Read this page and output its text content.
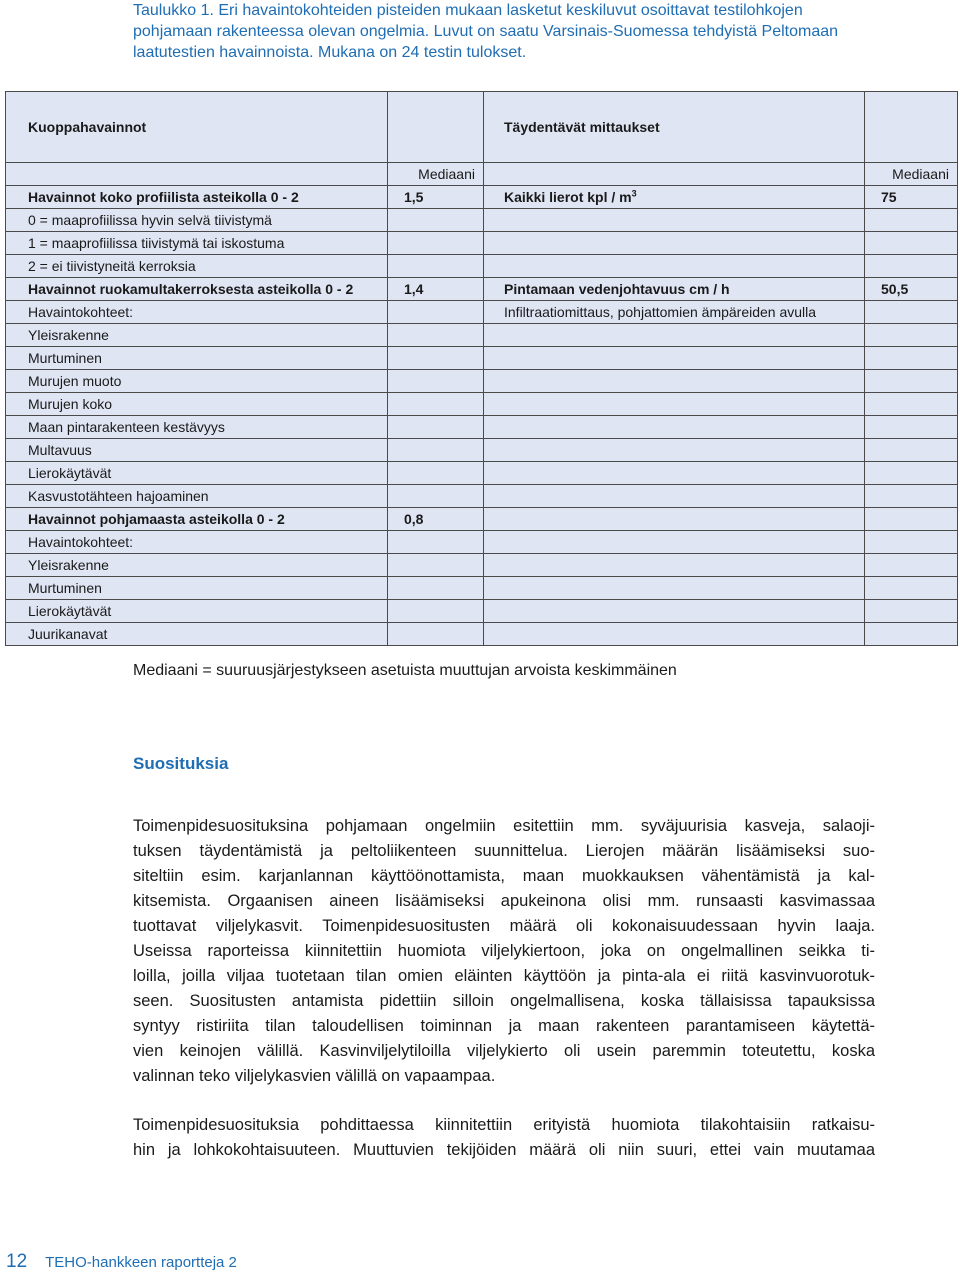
Taulukko 1. Eri havaintokohteiden pisteiden mukaan lasketut keskiluvut osoittavat testilohkojen
pohjamaan rakenteessa olevan ongelmia. Luvut on saatu Varsinais-Suomessa tehdyistä Peltomaan
laatutestien havainnoista. Mukana on 24 testin tulokset.
Kuoppahavainnot		Täydentävät mittaukset	
	Mediaani		Mediaani
Havainnot koko profiilista asteikolla 0 - 2	1,5	Kaikki lierot kpl / $m^3$	75
0 = maaprofiilissa hyvin selvä tiivistymä			
1 = maaprofiilissa tiivistymä tai iskostuma			
2 = ei tiivistyneitä kerroksia			
Havainnot ruokamultakerroksesta asteikolla 0 - 2	1,4	Pintamaan vedenjohtavuus cm / h	50,5
Havaintokohteet:		Infiltraatiomittaus, pohjattomien ämpäreiden avulla	
Yleisrakenne			
Murtuminen			
Murujen muoto			
Murujen koko			
Maan pintarakenteen kestävyys			
Multavuus			
Lierokäytävät			
Kasvustotähteen hajoaminen			
Havainnot pohjamaasta asteikolla 0 - 2	0,8		
Havaintokohteet:			
Yleisrakenne			
Murtuminen			
Lierokäytävät			
Juurikanavat			
Mediaani = suuruusjärjestykseen asetuista muuttujan arvoista keskimmäinen
Suosituksia
Toimenpidesuosituksina pohjamaan ongelmiin esitettiin mm. syväjuurisia kasveja, salaoji-
tuksen täydentämistä ja peltoliikenteen suunnittelua. Lierojen määrän lisäämiseksi suo-
siteltiin esim. karjanlannan käyttöönottamista, maan muokkauksen vähentämistä ja kal-
kitsemista. Orgaanisen aineen lisäämiseksi apukeinona olisi mm. runsaasti kasvimassaa
tuottavat viljelykasvit. Toimenpidesuositusten määrä oli kokonaisuudessaan hyvin laaja.
Useissa raporteissa kiinnitettiin huomiota viljelykiertoon, joka on ongelmallinen seikka ti-
loilla, joilla viljaa tuotetaan tilan omien eläinten käyttöön ja pinta-ala ei riitä kasvinvuorotuk-
seen. Suositusten antamista pidettiin silloin ongelmallisena, koska tällaisissa tapauksissa
syntyy ristiriita tilan taloudellisen toiminnan ja maan rakenteen parantamiseen käytettä-
vien keinojen välillä. Kasvinviljelytiloilla viljelykierto oli usein paremmin toteutettu, koska
valinnan teko viljelykasvien välillä on vapaampaa.
Toimenpidesuosituksia pohdittaessa kiinnitettiin erityistä huomiota tilakohtaisiin ratkaisu-
hin ja lohkokohtaisuuteen. Muuttuvien tekijöiden määrä oli niin suuri, ettei vain muutamaa
12 TEHO-hankkeen raportteja 2
